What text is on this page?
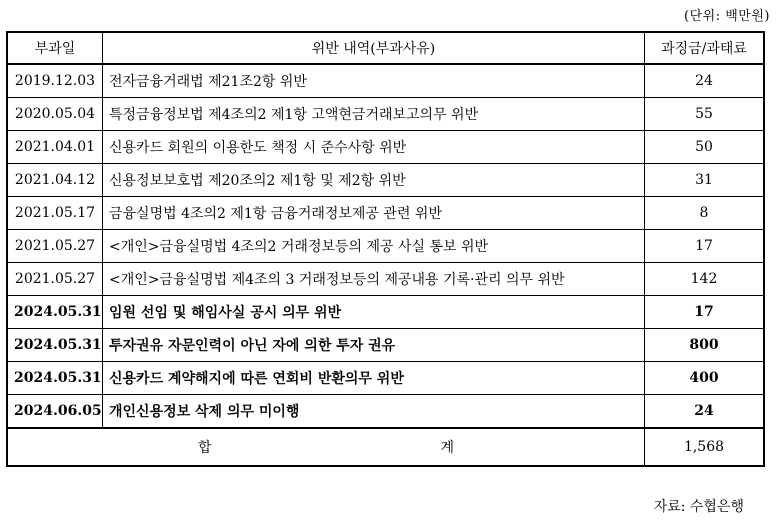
(단위: 백만원)
부과일	위반 내역(부과사유)	과징금/과태료
2019.12.03	전자금융거래법 제21조2항 위반	24
2020.05.04	특정금융정보법 제4조의2 제1항 고액현금거래보고의무 위반	55
2021.04.01	신용카드 회원의 이용한도 책정 시 준수사항 위반	50
2021.04.12	신용정보보호법 제20조의2 제1항 및 제2항 위반	31
2021.05.17	금융실명법 4조의2 제1항 금융거래정보제공 관련 위반	8
2021.05.27	<개인>금융실명법 4조의2 거래정보등의 제공 사실 통보 위반	17
2021.05.27	<개인>금융실명법 제4조의 3 거래정보등의 제공내용 기록·관리 의무 위반	142
2024.05.31	임원 선임 및 해임사실 공시 의무 위반	17
2024.05.31	투자권유 자문인력이 아닌 자에 의한 투자 권유	800
2024.05.31	신용카드 계약해지에 따른 연회비 반환의무 위반	400
2024.06.05	개인신용정보 삭제 의무 미이행	24
합 계		1,568
자료: 수협은행
